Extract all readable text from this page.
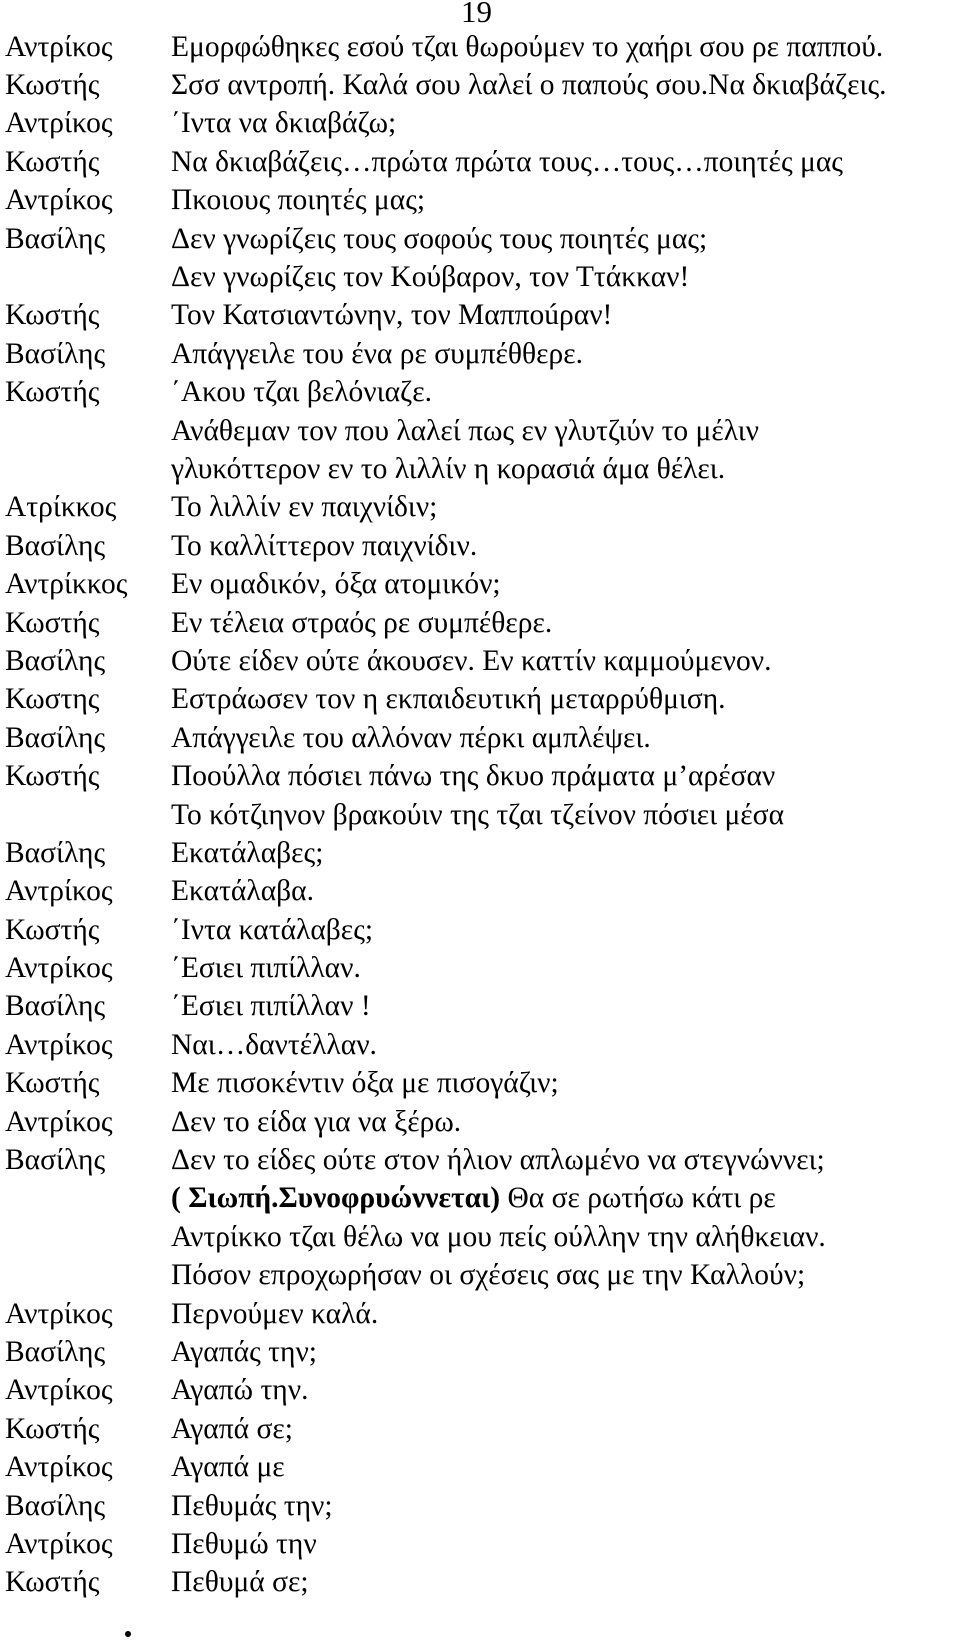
19
Αντρίκος	Εμορφώθηκες εσού τζαι θωρούμεν το χαήρι σου ρε παππού.
Κωστής	Σσσ αντροπή. Καλά σου λαλεί ο παπούς σου.Να δκιαβάζεις.
Αντρίκος	΄Ιντα να δκιαβάζω;
Κωστής	Να δκιαβάζεις…πρώτα πρώτα τους…τους…ποιητές μας
Αντρίκος	Πκοιους ποιητές μας;
Βασίλης	Δεν γνωρίζεις τους σοφούς τους ποιητές μας;
Δεν γνωρίζεις τον Κούβαρον, τον Ττάκκαν!
Κωστής	Τον Κατσιαντώνην, τον Μαπποúραν!
Βασίλης	Απάγγειλε του ένα ρε συμπέθθερε.
Κωστής	΄Ακου τζαι βελόνιαζε.
Ανάθεμαν τον που λαλεί πως εν γλυτζιύν το μέλιν
γλυκόττερον εν το λιλλίν η κορασιά άμα θέλει.
Ατρίκκος	Το λιλλίν εν παιχνίδιν;
Βασίλης	Το καλλίττερον παιχνίδιν.
Αντρίκκος	Εν ομαδικόν, όξα ατομικόν;
Κωστής	Εν τέλεια στραός ρε συμπέθερε.
Βασίλης	Ούτε είδεν ούτε άκουσεν. Εν καττίν καμμούμενον.
Κωστης	Εστράωσεν τον η εκπαιδευτική μεταρρύθμιση.
Βασίλης	Απάγγειλε του αλλόναν πέρκι αμπλέψει.
Κωστής	Ποούλλα πόσιει πάνω της δκυο πράματα μ’αρέσαν
Το κότζιηνον βρακούιν της τζαι τζείνον πόσιει μέσα
Βασίλης	Εκατάλαβες;
Αντρίκος	Εκατάλαβα.
Κωστής	΄Ιντα κατάλαβες;
Αντρίκος	΄Εσιει πιπίλλαν.
Βασίλης	΄Εσιει πιπίλλαν !
Αντρίκος	Ναι…δαντέλλαν.
Κωστής	Με πισοκέντιν όξα με πισογάζιν;
Αντρίκος	Δεν το είδα για να ξέρω.
Βασίλης	Δεν το είδες ούτε στον ήλιον απλωμένο να στεγνώννει;
( Σιωπή.Συνοφρυώννεται) Θα σε ρωτήσω κάτι ρε
Αντρίκκο τζαι θέλω να μου πείς ούλλην την αλήθκειαν.
Πόσον επροχωρήσαν οι σχέσεις σας με την Καλλούν;
Αντρίκος	Περνούμεν καλά.
Βασίλης	Αγαπάς την;
Αντρίκος	Αγαπώ την.
Κωστής	Αγαπά σε;
Αντρίκος	Αγαπά με
Βασίλης	Πεθυμάς την;
Αντρίκος	Πεθυμώ την
Κωστής	Πεθυμά σε;
